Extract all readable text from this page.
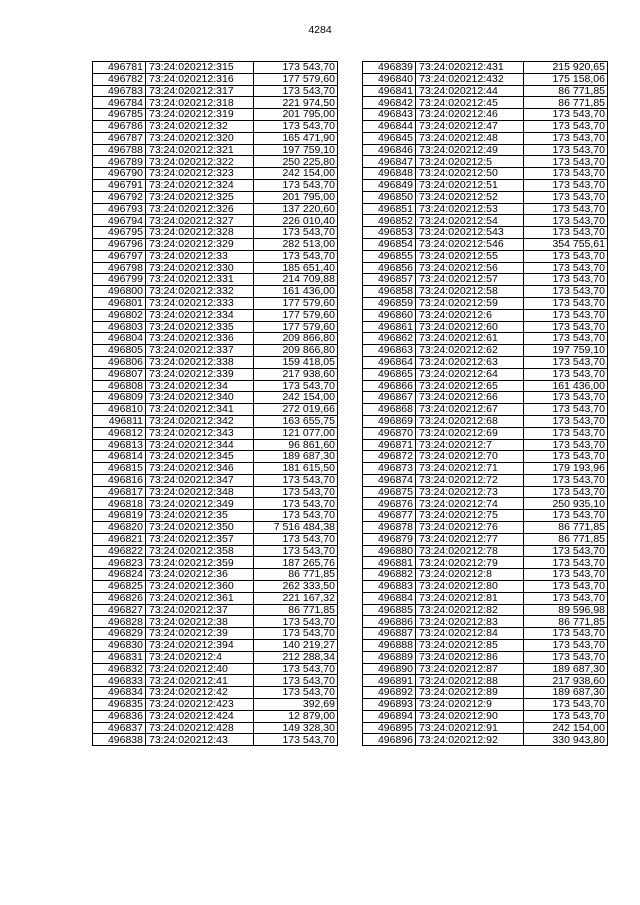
4284
496781	73:24:020212:315	173 543,70
496782	73:24:020212:316	177 579,60
496783	73:24:020212:317	173 543,70
496784	73:24:020212:318	221 974,50
496785	73:24:020212:319	201 795,00
496786	73:24:020212:32	173 543,70
496787	73:24:020212:320	165 471,90
496788	73:24:020212:321	197 759,10
496789	73:24:020212:322	250 225,80
496790	73:24:020212:323	242 154,00
496791	73:24:020212:324	173 543,70
496792	73:24:020212:325	201 795,00
496793	73:24:020212:326	137 220,60
496794	73:24:020212:327	226 010,40
496795	73:24:020212:328	173 543,70
496796	73:24:020212:329	282 513,00
496797	73:24:020212:33	173 543,70
496798	73:24:020212:330	185 651,40
496799	73:24:020212:331	214 709,88
496800	73:24:020212:332	161 436,00
496801	73:24:020212:333	177 579,60
496802	73:24:020212:334	177 579,60
496803	73:24:020212:335	177 579,60
496804	73:24:020212:336	209 866,80
496805	73:24:020212:337	209 866,80
496806	73:24:020212:338	159 418,05
496807	73:24:020212:339	217 938,60
496808	73:24:020212:34	173 543,70
496809	73:24:020212:340	242 154,00
496810	73:24:020212:341	272 019,66
496811	73:24:020212:342	163 655,75
496812	73:24:020212:343	121 077,00
496813	73:24:020212:344	96 861,60
496814	73:24:020212:345	189 687,30
496815	73:24:020212:346	181 615,50
496816	73:24:020212:347	173 543,70
496817	73:24:020212:348	173 543,70
496818	73:24:020212:349	173 543,70
496819	73:24:020212:35	173 543,70
496820	73:24:020212:350	7 516 484,38
496821	73:24:020212:357	173 543,70
496822	73:24:020212:358	173 543,70
496823	73:24:020212:359	187 265,76
496824	73:24:020212:36	86 771,85
496825	73:24:020212:360	262 333,50
496826	73:24:020212:361	221 167,32
496827	73:24:020212:37	86 771,85
496828	73:24:020212:38	173 543,70
496829	73:24:020212:39	173 543,70
496830	73:24:020212:394	140 219,27
496831	73:24:020212:4	212 288,34
496832	73:24:020212:40	173 543,70
496833	73:24:020212:41	173 543,70
496834	73:24:020212:42	173 543,70
496835	73:24:020212:423	392,69
496836	73:24:020212:424	12 879,00
496837	73:24:020212:428	149 328,30
496838	73:24:020212:43	173 543,70
496839	73:24:020212:431	215 920,65
496840	73:24:020212:432	175 158,06
496841	73:24:020212:44	86 771,85
496842	73:24:020212:45	86 771,85
496843	73:24:020212:46	173 543,70
496844	73:24:020212:47	173 543,70
496845	73:24:020212:48	173 543,70
496846	73:24:020212:49	173 543,70
496847	73:24:020212:5	173 543,70
496848	73:24:020212:50	173 543,70
496849	73:24:020212:51	173 543,70
496850	73:24:020212:52	173 543,70
496851	73:24:020212:53	173 543,70
496852	73:24:020212:54	173 543,70
496853	73:24:020212:543	173 543,70
496854	73:24:020212:546	354 755,61
496855	73:24:020212:55	173 543,70
496856	73:24:020212:56	173 543,70
496857	73:24:020212:57	173 543,70
496858	73:24:020212:58	173 543,70
496859	73:24:020212:59	173 543,70
496860	73:24:020212:6	173 543,70
496861	73:24:020212:60	173 543,70
496862	73:24:020212:61	173 543,70
496863	73:24:020212:62	197 759,10
496864	73:24:020212:63	173 543,70
496865	73:24:020212:64	173 543,70
496866	73:24:020212:65	161 436,00
496867	73:24:020212:66	173 543,70
496868	73:24:020212:67	173 543,70
496869	73:24:020212:68	173 543,70
496870	73:24:020212:69	173 543,70
496871	73:24:020212:7	173 543,70
496872	73:24:020212:70	173 543,70
496873	73:24:020212:71	179 193,96
496874	73:24:020212:72	173 543,70
496875	73:24:020212:73	173 543,70
496876	73:24:020212:74	250 935,10
496877	73:24:020212:75	173 543,70
496878	73:24:020212:76	86 771,85
496879	73:24:020212:77	86 771,85
496880	73:24:020212:78	173 543,70
496881	73:24:020212:79	173 543,70
496882	73:24:020212:8	173 543,70
496883	73:24:020212:80	173 543,70
496884	73:24:020212:81	173 543,70
496885	73:24:020212:82	89 596,98
496886	73:24:020212:83	86 771,85
496887	73:24:020212:84	173 543,70
496888	73:24:020212:85	173 543,70
496889	73:24:020212:86	173 543,70
496890	73:24:020212:87	189 687,30
496891	73:24:020212:88	217 938,60
496892	73:24:020212:89	189 687,30
496893	73:24:020212:9	173 543,70
496894	73:24:020212:90	173 543,70
496895	73:24:020212:91	242 154,00
496896	73:24:020212:92	330 943,80
